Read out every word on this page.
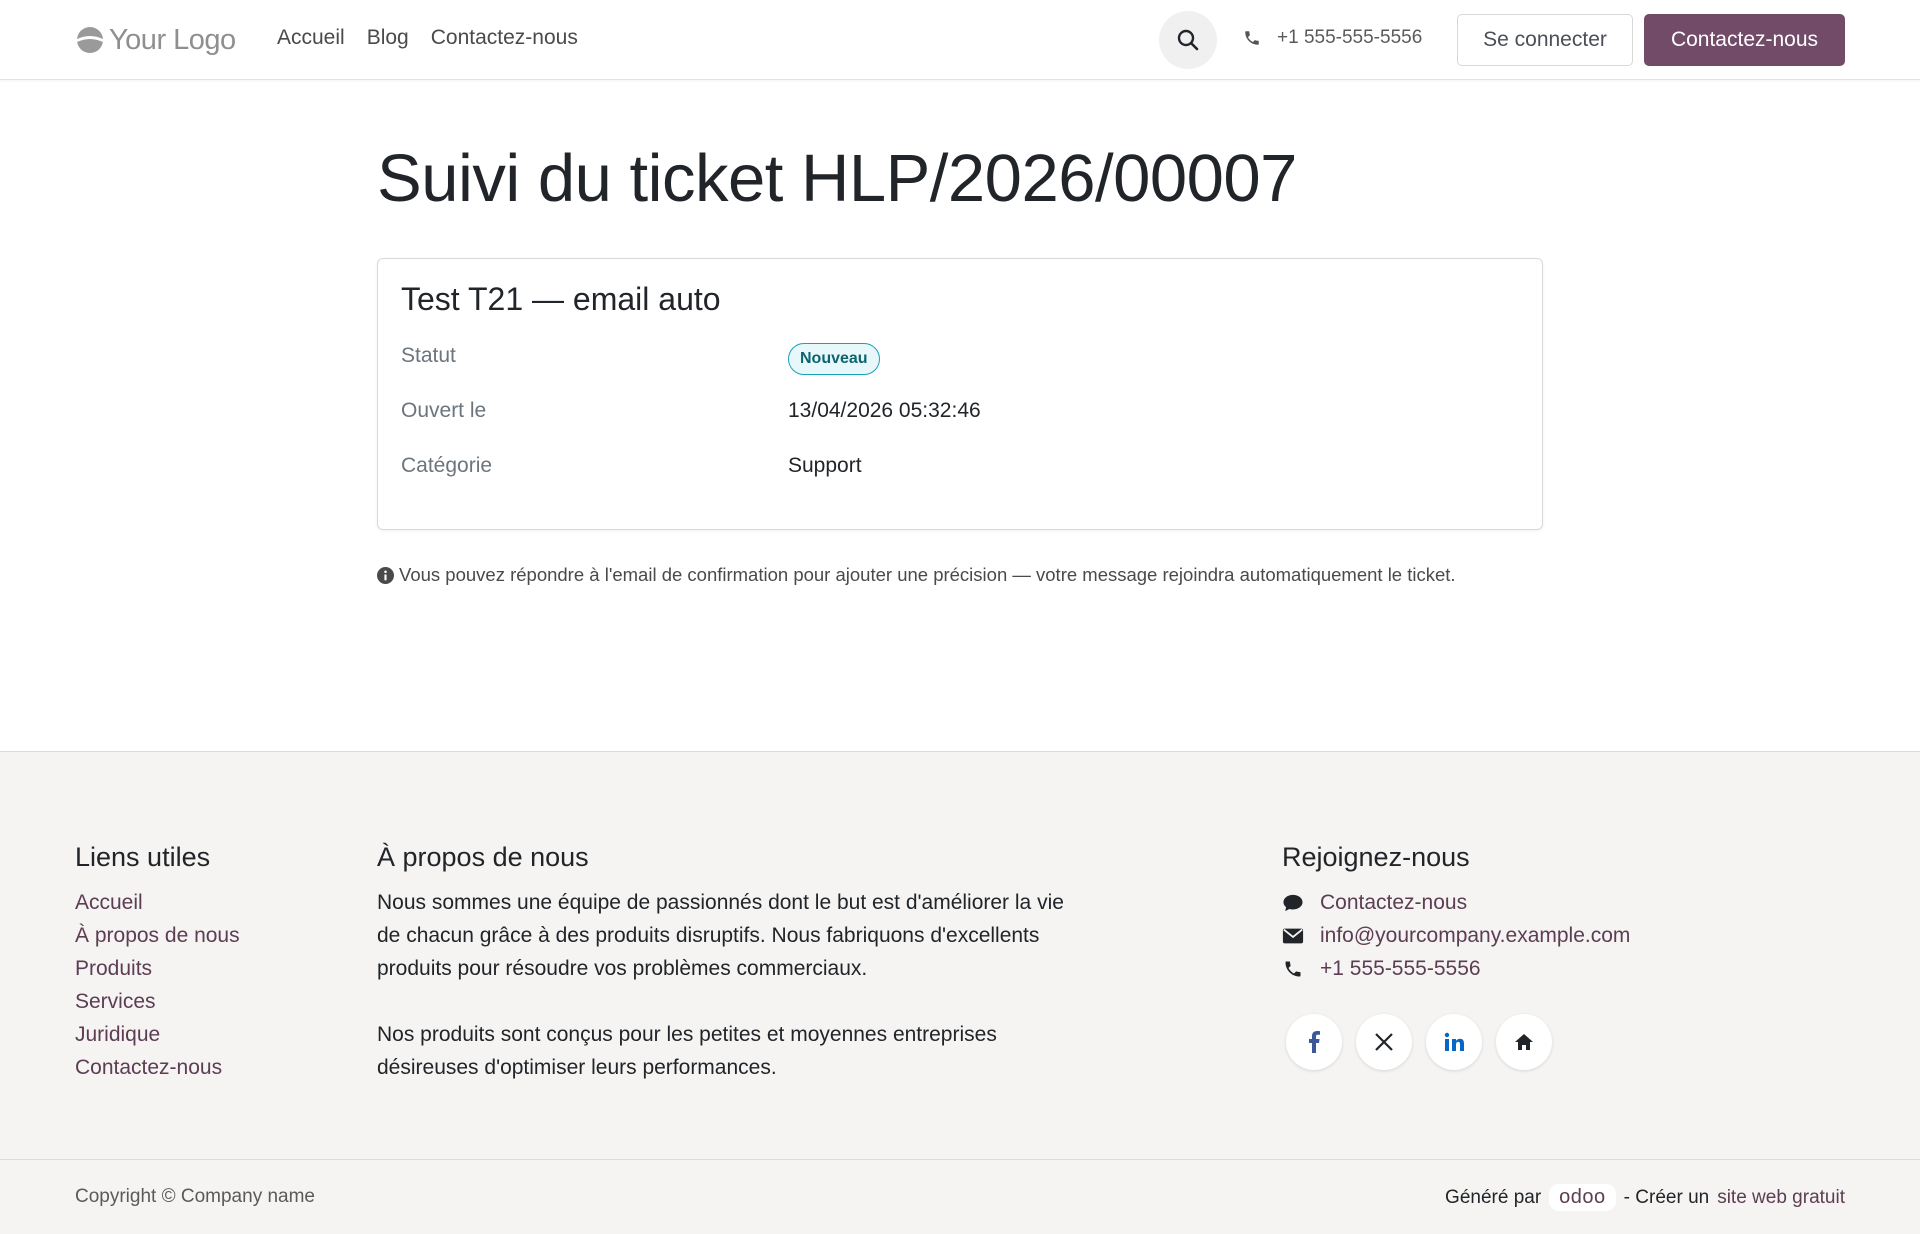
Your Logo Accueil Blog Contactez-nous	+1 555-555-5556	Se connecter	Contactez-nous
Suivi du ticket HLP/2026/00007
Test T21 — email auto
Statut	Nouveau
Ouvert le	13/04/2026 05:32:46
Catégorie	Support
Vous pouvez répondre à l'email de confirmation pour ajouter une précision — votre message rejoindra automatiquement le ticket.
Liens utiles
Accueil
À propos de nous
Produits
Services
Juridique
Contactez-nous
À propos de nous

Nous sommes une équipe de passionnés dont le but est d'améliorer la vie de chacun grâce à des produits disruptifs. Nous fabriquons d'excellents produits pour résoudre vos problèmes commerciaux.

Nos produits sont conçus pour les petites et moyennes entreprises désireuses d'optimiser leurs performances.

Rejoignez-nous
Contactez-nous
info@yourcompany.example.com
+1 555-555-5556
Copyright © Company name	Généré par odoo - Créer un site web gratuit
